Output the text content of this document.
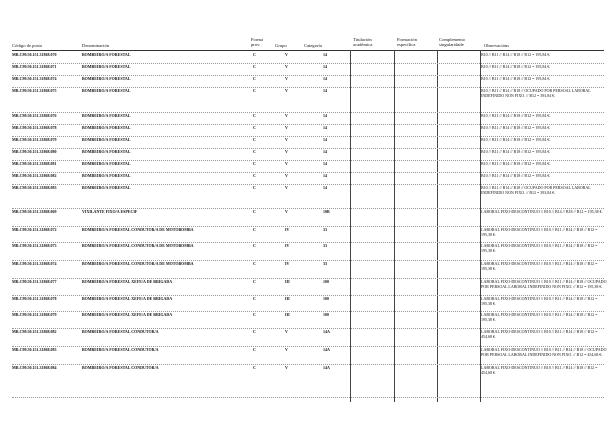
Código de posto	Denominación
Forma
prov.	Grupo	Categoría
Titulación
académica
Formación
específica
Complemento
singularidade	Observacións
MR.C99.50.151.31868.070	BOMBEIRO/A FORESTAL	C	V	14	B10 // B11 // B14 // B18 // B12 = 195,84 €.
MR.C99.50.151.31868.071	BOMBEIRO/A FORESTAL	C	V	14	B10 // B11 // B14 // B18 // B12 = 195,84 €.
MR.C99.50.151.31868.074	BOMBEIRO/A FORESTAL	C	V	14	B10 // B11 // B14 // B18 // B12 = 195,84 €.
MR.C99.50.151.31868.075	BOMBEIRO/A FORESTAL	C	V	14	B10 // B11 // B14 // B18 // OCUPADO POR PERSOAL LABORAL INDEFINIDO NON FIXO. // B12 = 393,84 €.
MR.C99.50.151.31868.076	BOMBEIRO/A FORESTAL	C	V	14	B10 // B11 // B14 // B18 // B12 = 195,84 €.
MR.C99.50.151.31868.078	BOMBEIRO/A FORESTAL	C	V	14	B10 // B11 // B14 // B18 // B12 = 195,84 €.
MR.C99.50.151.31868.079	BOMBEIRO/A FORESTAL	C	V	14	B10 // B11 // B14 // B18 // B12 = 195,84 €.
MR.C99.50.151.31868.080	BOMBEIRO/A FORESTAL	C	V	14	B10 // B11 // B14 // B18 // B12 = 195,84 €.
MR.C99.50.151.31868.081	BOMBEIRO/A FORESTAL	C	V	14	B10 // B11 // B14 // B18 // B12 = 195,84 €.
MR.C99.50.151.31868.082	BOMBEIRO/A FORESTAL	C	V	14	B10 // B11 // B14 // B18 // B12 = 195,84 €.
MR.C99.50.151.31868.083	BOMBEIRO/A FORESTAL	C	V	14	B10 // B11 // B14 // B18 // OCUPADO POR PERSOAL LABORAL INDEFINIDO NON FIXO. // B12 = 393,84 €.
MR.C99.50.151.31868.069	VIXILANTE FIXO/A ESPECIF	C	V	10B	LABORAL FIXO-DESCONTINUO // B10 // B14 // B18 // B12 = 195,38 €.
MR.C99.50.151.31868.072	BOMBEIRO/A FORESTAL CONDUTOR/A DE MOTOBOMBA	C	IV	33	LABORAL FIXO-DESCONTINUO // B10 // B11 // B14 // B18 // B12 = 195,38 €.
MR.C99.50.151.31868.073	BOMBEIRO/A FORESTAL CONDUTOR/A DE MOTOBOMBA	C	IV	33	LABORAL FIXO-DESCONTINUO // B10 // B11 // B14 // B18 // B12 = 195,38 €.
MR.C99.50.151.31868.074	BOMBEIRO/A FORESTAL CONDUTOR/A DE MOTOBOMBA	C	IV	33	LABORAL FIXO-DESCONTINUO // B10 // B11 // B14 // B18 // B12 = 195,38 €.
MR.C99.50.151.31868.077	BOMBEIRO/A FORESTAL XEFE/A DE BRIGADA	C	III	100	LABORAL FIXO-DESCONTINUO // B10 // B11 // B14 // B18 // OCUPADO POR PERSOAL LABORAL INDEFINIDO NON FIXO. // B12 = 195,38 €.
MR.C99.50.151.31868.078	BOMBEIRO/A FORESTAL XEFE/A DE BRIGADA	C	III	100	LABORAL FIXO-DESCONTINUO // B10 // B11 // B14 // B18 // B12 = 195,38 €.
MR.C99.50.151.31868.079	BOMBEIRO/A FORESTAL XEFE/A DE BRIGADA	C	III	100	LABORAL FIXO-DESCONTINUO // B10 // B11 // B14 // B18 // B12 = 195,38 €.
MR.C99.50.151.31868.082	BOMBEIRO/A FORESTAL CONDUTOR/A	C	V	14A	LABORAL FIXO-DESCONTINUO // B10 // B11 // B14 // B18 // B12 = 454,68 €.
MR.C99.50.151.31868.083	BOMBEIRO/A FORESTAL CONDUTOR/A	C	V	14A	LABORAL FIXO-DESCONTINUO // B10 // B11 // B14 // B18 // OCUPADO POR PERSOAL LABORAL INDEFINIDO NON FIXO. // B12 = 454,68 €.
MR.C99.50.151.31868.084	BOMBEIRO/A FORESTAL CONDUTOR/A	C	V	14A	LABORAL FIXO-DESCONTINUO // B10 // B11 // B14 // B18 // B12 = 454,68 €.
